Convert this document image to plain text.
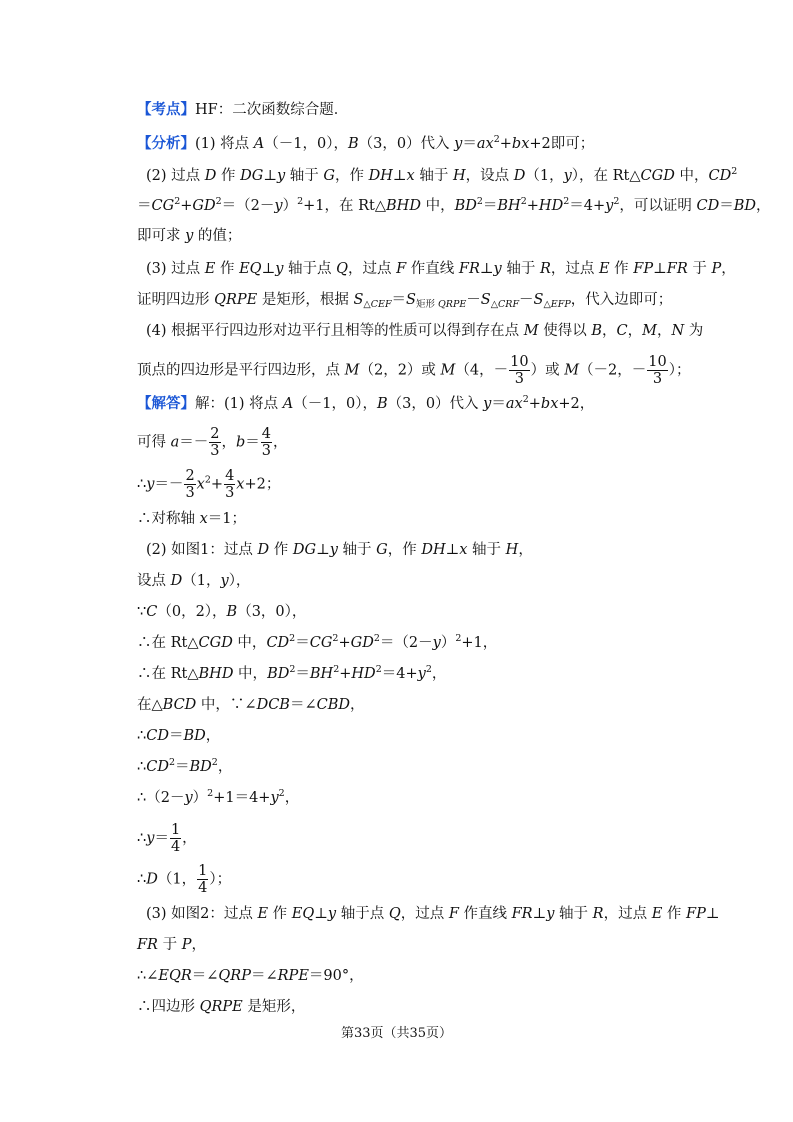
【考点】HF：二次函数综合题．
【分析】(1) 将点 A（－1，0），B（3，0）代入 $y=ax^2+bx+2$即可；
(2) 过点 D 作 DG⊥y 轴于 G，作 DH⊥x 轴于 H，设点 D（1，y），在 Rt△CGD 中，$CD^2$
$=CG^2+GD^2=(2-y)^2+1$，在 Rt△BHD 中，$BD^2=BH^2+HD^2=4+y^2$，可以证明 CD＝BD，
即可求 y 的值；
(3) 过点 E 作 EQ⊥y 轴于点 Q，过点 F 作直线 FR⊥y 轴于 R，过点 E 作 FP⊥FR 于 P，
证明四边形 QRPE 是矩形，根据 $S_{\triangle CEF}=S_{矩形 QRPE}-S_{\triangle CRF}-S_{\triangle EFP}$，代入边即可；
(4) 根据平行四边形对边平行且相等的性质可以得到存在点 M 使得以 B，C，M，N 为
顶点的四边形是平行四边形，点 M（2，2）或 M（4，－ $\frac{10}{3}$ ）或 M（－2，－ $\frac{10}{3}$ ）；
【解答】解：(1) 将点 A（－1，0），B（3，0）代入 $y=ax^2+bx+2$，
可得 $a=- \frac{2}{3}$ ，$b= \frac{4}{3}$ ，
∴y＝－ $\frac{2}{3} x^2+ \frac{4}{3} x+2$；
∴对称轴 x＝1；
(2) 如图1：过点 D 作 DG⊥y 轴于 G，作 DH⊥x 轴于 H，
设点 D（1，y），
∵C（0，2），B（3，0），
∴在 Rt△CGD 中，$CD^2=CG^2+GD^2=(2-y)^2+1$，
∴在 Rt△BHD 中，$BD^2=BH^2+HD^2=4+y^2$，
在△BCD 中，∵∠DCB＝∠CBD，
∴CD＝BD，
$\therefore CD^2=BD^2$，
$\therefore(2-y)^2+1=4+y^2$，
∴y＝ $\frac{1}{4}$ ，
∴D（1， $\frac{1}{4}$ ）；
(3) 如图2：过点 E 作 EQ⊥y 轴于点 Q，过点 F 作直线 FR⊥y 轴于 R，过点 E 作 FP⊥
FR 于 P，
∴∠EQR＝∠QRP＝∠RPE＝90°，
∴四边形 QRPE 是矩形，
第33页（共35页）
